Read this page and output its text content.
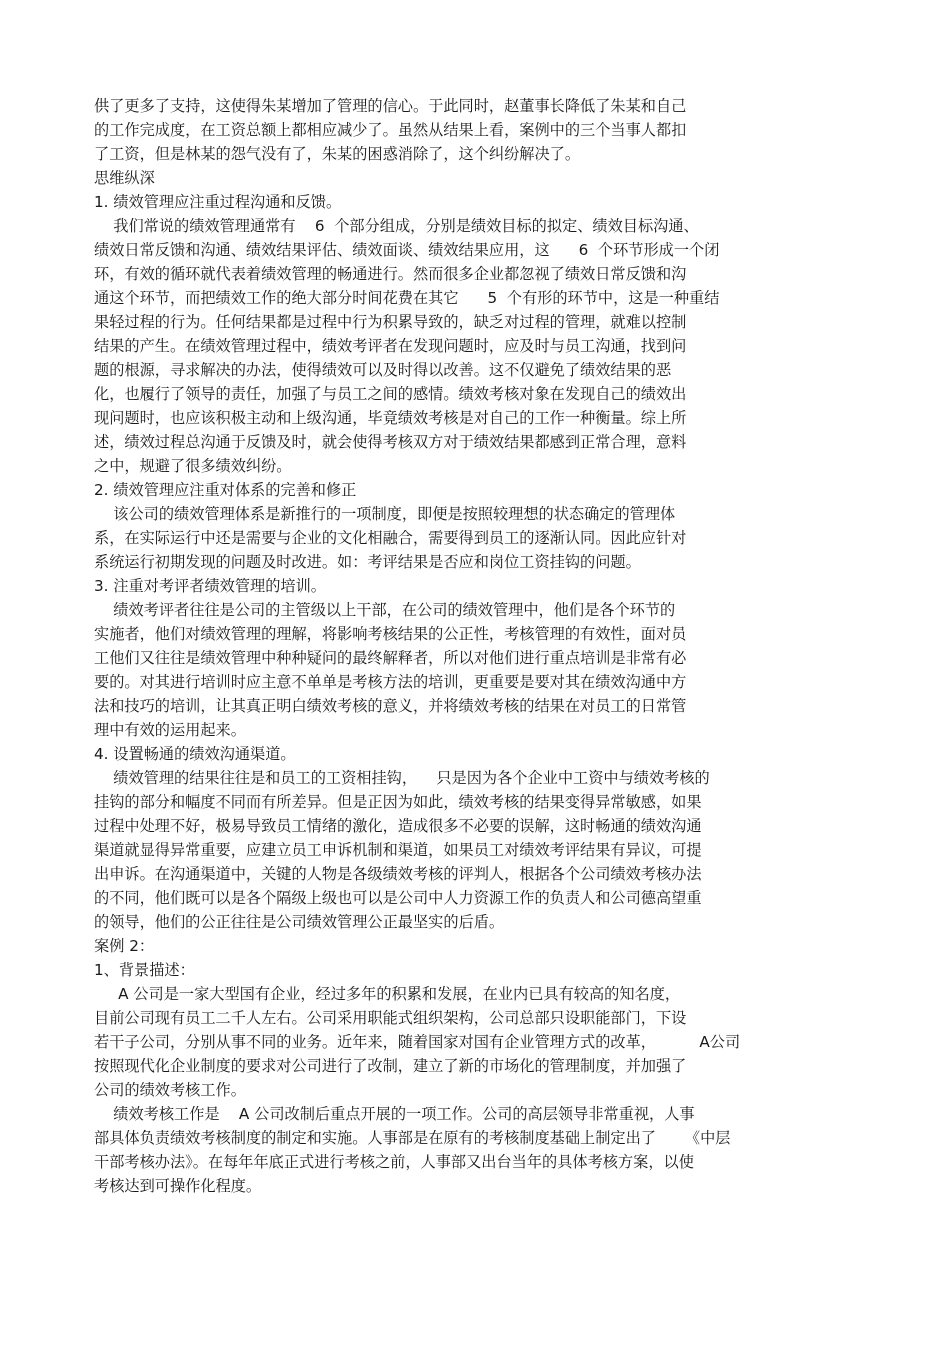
供了更多了支持，这使得朱某增加了管理的信心。于此同时，赵董事长降低了朱某和自己
的工作完成度，在工资总额上都相应减少了。虽然从结果上看，案例中的三个当事人都扣
了工资，但是林某的怨气没有了，朱某的困惑消除了，这个纠纷解决了。
思维纵深
1. 绩效管理应注重过程沟通和反馈。
我们常说的绩效管理通常有    6  个部分组成，分别是绩效目标的拟定、绩效目标沟通、
绩效日常反馈和沟通、绩效结果评估、绩效面谈、绩效结果应用，这      6  个环节形成一个闭
环，有效的循环就代表着绩效管理的畅通进行。然而很多企业都忽视了绩效日常反馈和沟
通这个环节，而把绩效工作的绝大部分时间花费在其它      5  个有形的环节中，这是一种重结
果轻过程的行为。任何结果都是过程中行为积累导致的，缺乏对过程的管理，就难以控制
结果的产生。在绩效管理过程中，绩效考评者在发现问题时，应及时与员工沟通，找到问
题的根源，寻求解决的办法，使得绩效可以及时得以改善。这不仅避免了绩效结果的恶
化，也履行了领导的责任，加强了与员工之间的感情。绩效考核对象在发现自己的绩效出
现问题时，也应该积极主动和上级沟通，毕竟绩效考核是对自己的工作一种衡量。综上所
述，绩效过程总沟通于反馈及时，就会使得考核双方对于绩效结果都感到正常合理，意料
之中，规避了很多绩效纠纷。
2. 绩效管理应注重对体系的完善和修正
该公司的绩效管理体系是新推行的一项制度，即便是按照较理想的状态确定的管理体
系，在实际运行中还是需要与企业的文化相融合，需要得到员工的逐渐认同。因此应针对
系统运行初期发现的问题及时改进。如：考评结果是否应和岗位工资挂钩的问题。
3. 注重对考评者绩效管理的培训。
绩效考评者往往是公司的主管级以上干部，在公司的绩效管理中，他们是各个环节的
实施者，他们对绩效管理的理解，将影响考核结果的公正性，考核管理的有效性，面对员
工他们又往往是绩效管理中种种疑问的最终解释者，所以对他们进行重点培训是非常有必
要的。对其进行培训时应主意不单单是考核方法的培训，更重要是要对其在绩效沟通中方
法和技巧的培训，让其真正明白绩效考核的意义，并将绩效考核的结果在对员工的日常管
理中有效的运用起来。
4. 设置畅通的绩效沟通渠道。
绩效管理的结果往往是和员工的工资相挂钩，    只是因为各个企业中工资中与绩效考核的
挂钩的部分和幅度不同而有所差异。但是正因为如此，绩效考核的结果变得异常敏感，如果
过程中处理不好，极易导致员工情绪的激化，造成很多不必要的误解，这时畅通的绩效沟通
渠道就显得异常重要，应建立员工申诉机制和渠道，如果员工对绩效考评结果有异议，可提
出申诉。在沟通渠道中，关键的人物是各级绩效考核的评判人，根据各个公司绩效考核办法
的不同，他们既可以是各个隔级上级也可以是公司中人力资源工作的负责人和公司德高望重
的领导，他们的公正往往是公司绩效管理公正最坚实的后盾。
案例 2：
1、背景描述：
A 公司是一家大型国有企业，经过多年的积累和发展，在业内已具有较高的知名度，
目前公司现有员工二千人左右。公司采用职能式组织架构，公司总部只设职能部门，下设
若干子公司，分别从事不同的业务。近年来，随着国家对国有企业管理方式的改革，         A公司
按照现代化企业制度的要求对公司进行了改制，建立了新的市场化的管理制度，并加强了
公司的绩效考核工作。
绩效考核工作是    A 公司改制后重点开展的一项工作。公司的高层领导非常重视，人事
部具体负责绩效考核制度的制定和实施。人事部是在原有的考核制度基础上制定出了      《中层
干部考核办法》。在每年年底正式进行考核之前，人事部又出台当年的具体考核方案，以使
考核达到可操作化程度。
